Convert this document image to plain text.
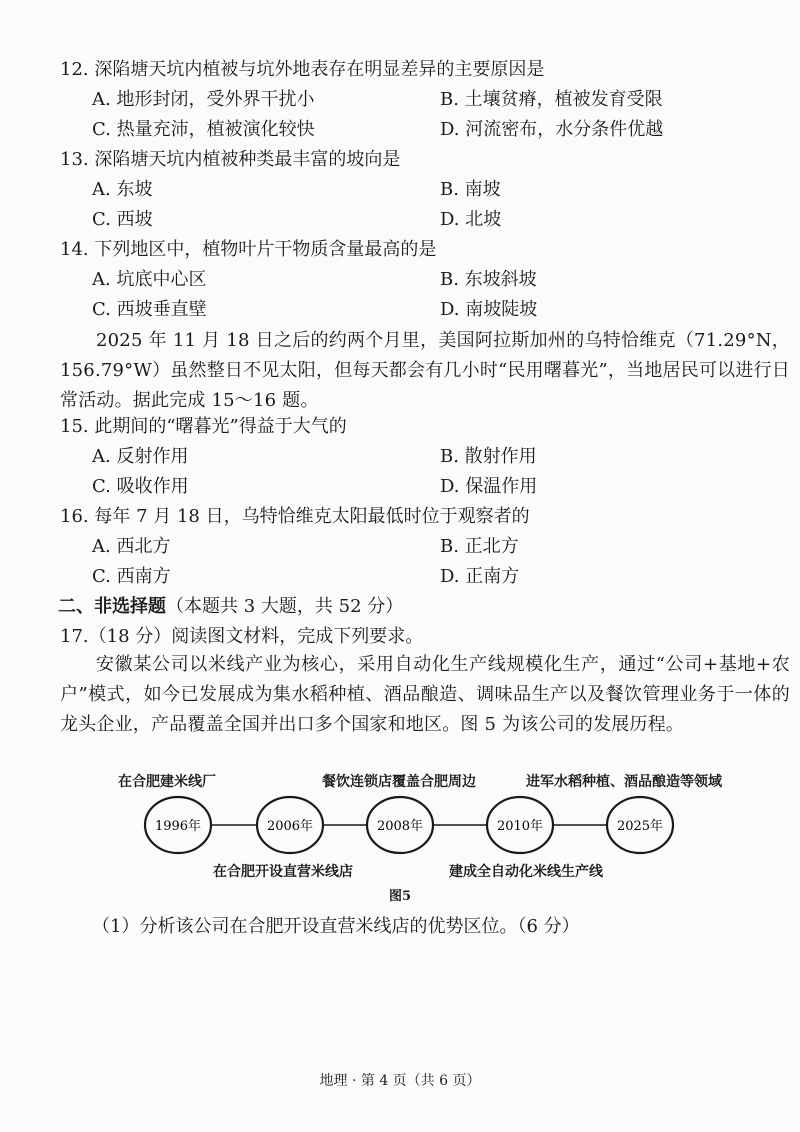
12. 深陷塘天坑内植被与坑外地表存在明显差异的主要原因是
A. 地形封闭，受外界干扰小	B. 土壤贫瘠，植被发育受限
C. 热量充沛，植被演化较快	D. 河流密布，水分条件优越
13. 深陷塘天坑内植被种类最丰富的坡向是
A. 东坡	B. 南坡
C. 西坡	D. 北坡
14. 下列地区中，植物叶片干物质含量最高的是
A. 坑底中心区	B. 东坡斜坡
C. 西坡垂直壁	D. 南坡陡坡
2025 年 11 月 18 日之后的约两个月里，美国阿拉斯加州的乌特恰维克（71.29°N，156.79°W）虽然整日不见太阳，但每天都会有几小时“民用曙暮光”，当地居民可以进行日常活动。据此完成 15～16 题。
15. 此期间的“曙暮光”得益于大气的
A. 反射作用	B. 散射作用
C. 吸收作用	D. 保温作用
16. 每年 7 月 18 日，乌特恰维克太阳最低时位于观察者的
A. 西北方	B. 正北方
C. 西南方	D. 正南方
二、非选择题（本题共 3 大题，共 52 分）
17.（18 分）阅读图文材料，完成下列要求。
安徽某公司以米线产业为核心，采用自动化生产线规模化生产，通过“公司+基地+农户”模式，如今已发展成为集水稻种植、酒品酿造、调味品生产以及餐饮管理业务于一体的龙头企业，产品覆盖全国并出口多个国家和地区。图 5 为该公司的发展历程。
1996年	2006年	2008年	2010年	2025年
在合肥建米线厂	餐饮连锁店覆盖合肥周边	进军水稻种植、酒品酿造等领域
在合肥开设直营米线店	建成全自动化米线生产线
图5
（1）分析该公司在合肥开设直营米线店的优势区位。（6 分）
地理 · 第 4 页（共 6 页）
